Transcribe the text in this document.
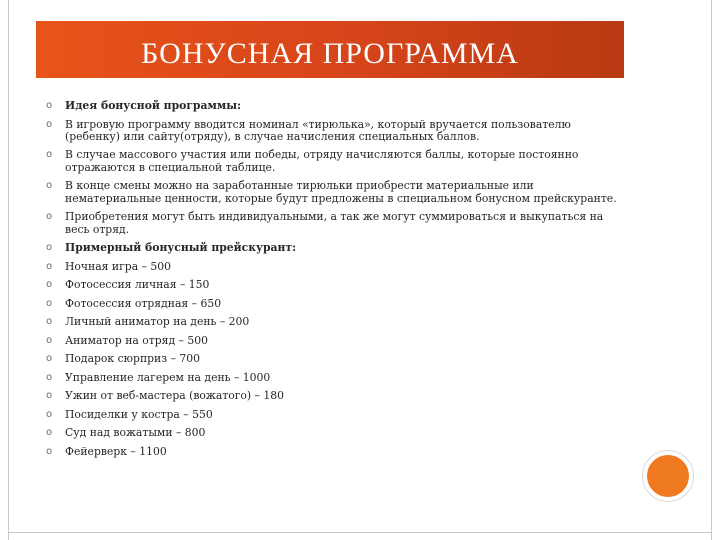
БОНУСНАЯ ПРОГРАММА
o Идея бонусной программы:
o В игровую программу вводится номинал «тирюлька», который вручается пользователю (ребенку) или сайту(отряду), в случае начисления специальных баллов.
o В случае массового участия или победы, отряду начисляются баллы, которые постоянно отражаются в специальной таблице.
o В конце смены можно на заработанные тирюльки приобрести материальные или нематериальные ценности, которые будут предложены в специальном бонусном прейскуранте.
o Приобретения могут быть индивидуальными, а так же могут суммироваться и выкупаться на весь отряд.
o Примерный бонусный прейскурант:
o Ночная игра – 500
o Фотосессия личная – 150
o Фотосессия отрядная – 650
o Личный аниматор на день – 200
o Аниматор на отряд – 500
o Подарок сюрприз – 700
o Управление лагерем на день – 1000
o Ужин от веб-мастера (вожатого) – 180
o Посиделки у костра – 550
o Суд над вожатыми – 800
o Фейерверк – 1100
